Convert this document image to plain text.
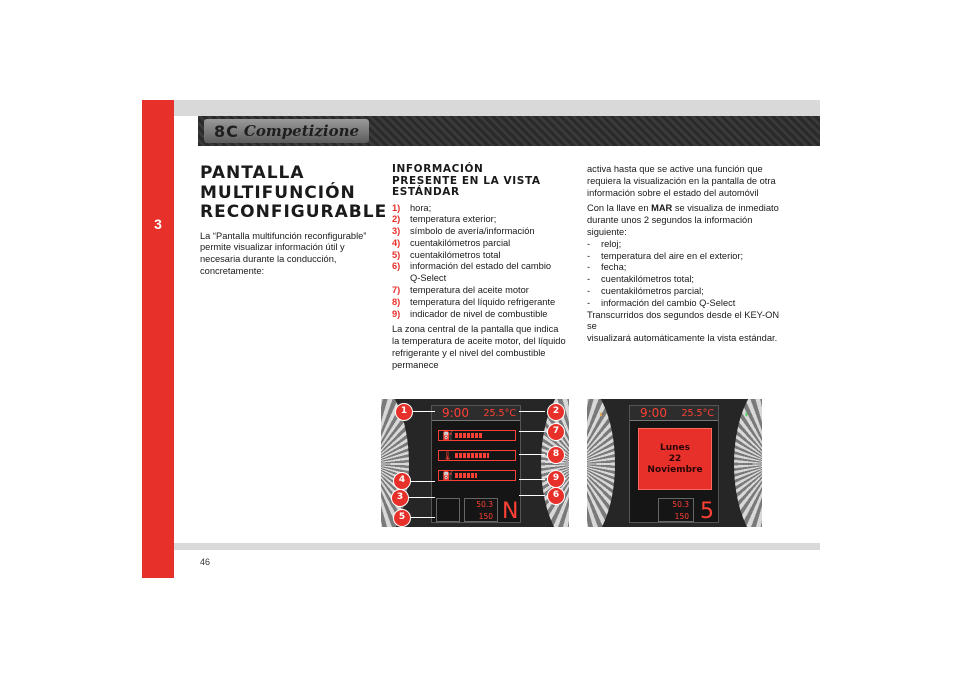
3
8C Competizione
PANTALLA
MULTIFUNCIÓN
RECONFIGURABLE
La “Pantalla multifunción reconfigurable” permite visualizar información útil y necesaria durante la conducción, concretamente:
INFORMACIÓN
PRESENTE EN LA VISTA
ESTÁNDAR
1)	hora;
2)	temperatura exterior;
3)	símbolo de avería/información
4)	cuentakilómetros parcial
5)	cuentakilómetros total
6)	información del estado del cambio
Q-Select
7)	temperatura del aceite motor
8)	temperatura del líquido refrigerante
9)	indicador de nivel de combustible
La zona central de la pantalla que indica
la temperatura de aceite motor, del líquido
refrigerante y el nivel del combustible permanece
activa hasta que se active una función que
requiera la visualización en la pantalla de otra
información sobre el estado del automóvil
Con la llave en MAR se visualiza de inmediato
durante unos 2 segundos la información
siguiente:
-	reloj;
-	temperatura del aire en el exterior;
-	fecha;
-	cuentakilómetros total;
-	cuentakilómetros parcial;
-	información del cambio Q-Select
Transcurridos dos segundos desde el KEY-ON se
visualizará automáticamente la vista estándar.
9:00 25.5°C
⛽
🌡
⛽
50.3
150 N
1	2
3
4
5
6
7
8
9
◐	◑
9:00 25.5°C
Lunes
22
Noviembre
50.3
150 5
46
